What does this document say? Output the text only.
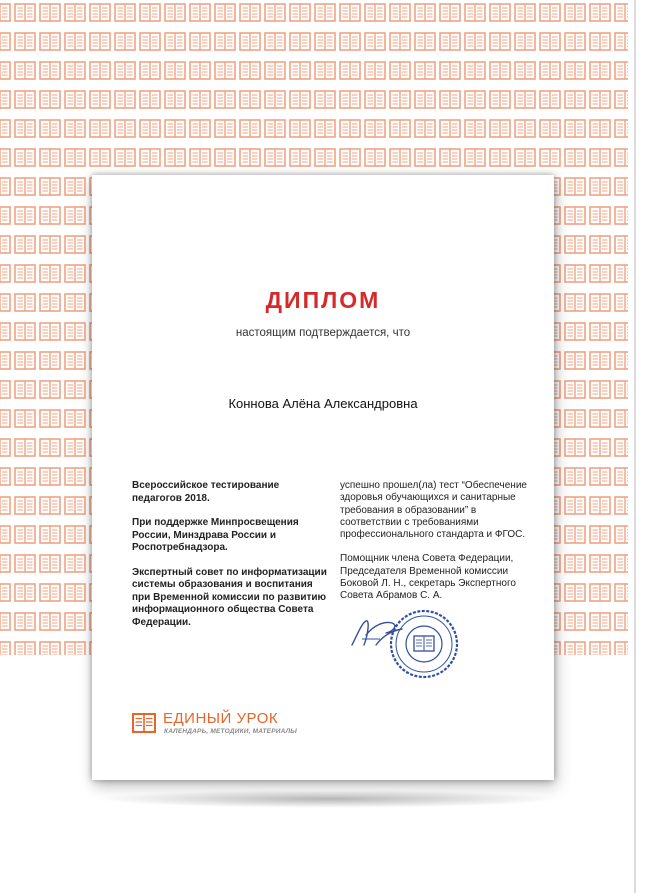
ДИПЛОМ
настоящим подтверждается, что
Коннова Алёна Александровна

Всероссийское тестирование педагогов 2018.

При поддержке Минпросвещения России, Минздрава России и Роспотребнадзора.

Экспертный совет по информатизации системы образования и воспитания при Временной комиссии по развитию информационного общества Совета Федерации.

успешно прошел(ла) тест “Обеспечение здоровья обучающихся и санитарные требования в образовании” в соответствии с требованиями профессионального стандарта и ФГОС.

Помощник члена Совета Федерации, Председателя Временной комиссии Боковой Л. Н., секретарь Экспертного Совета Абрамов С. А.

ЕДИНЫЙ УРОК
КАЛЕНДАРЬ, МЕТОДИКИ, МАТЕРИАЛЫ
